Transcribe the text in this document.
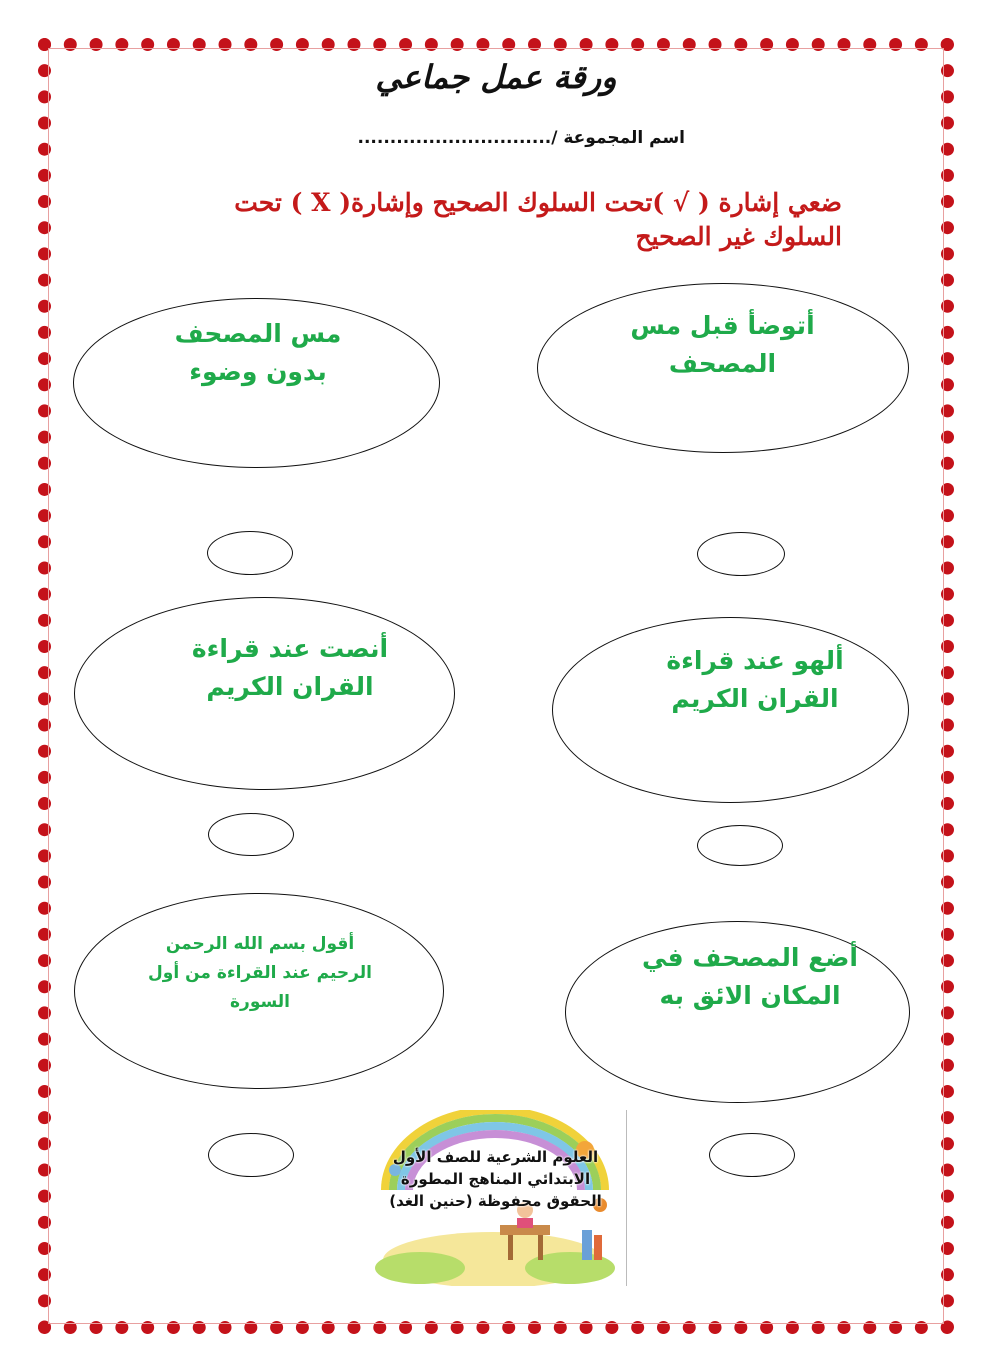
ورقة عمل جماعي
اسم المجموعة /..............................
ضعي إشارة ( √ )تحت السلوك الصحيح وإشارة( X ) تحت السلوك غير الصحيح
أتوضأ قبل مس المصحف
مس المصحف بدون وضوء
ألهو عند قراءة القران الكريم
أنصت عند قراءة القران الكريم
أضع المصحف في المكان الائق به
أقول بسم الله الرحمن الرحيم عند القراءة من أول السورة
العلوم الشرعية للصف الأول
الابتدائي المناهج المطورة
الحقوق محفوظة (حنين الغد)
